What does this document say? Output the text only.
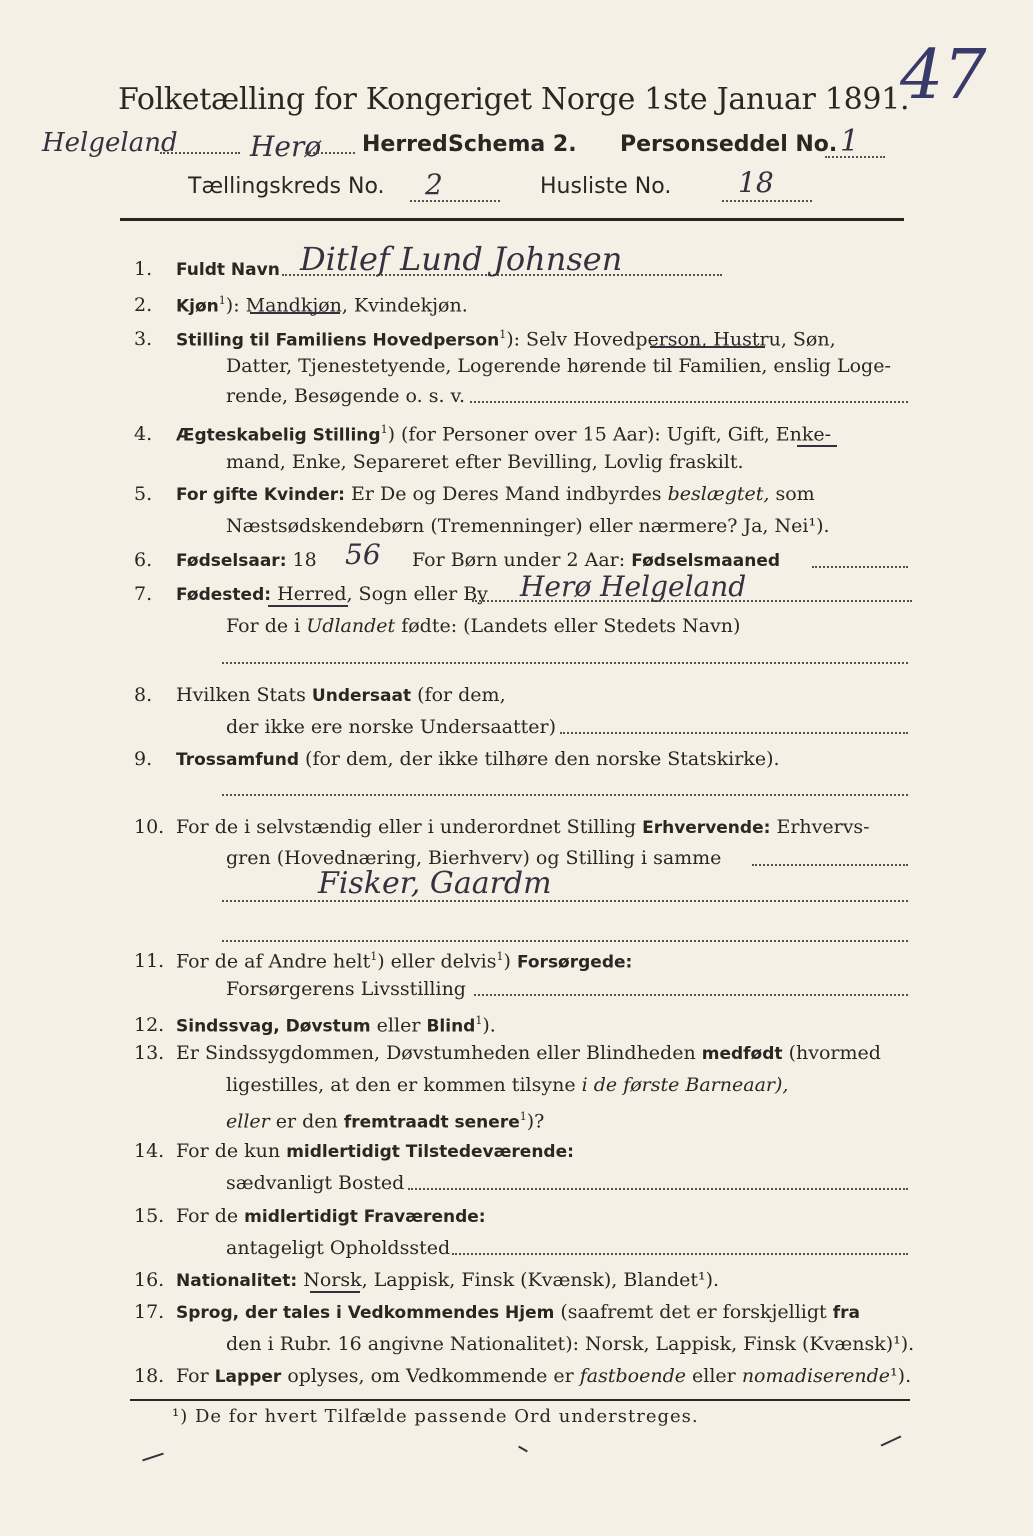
Folketælling for Kongeriget Norge 1ste Januar 1891.
47
Helgeland	Herø Herred.
Schema 2. Personseddel No. 1
Tællingskreds No. 2	Husliste No. 18
1. Fuldt Navn Ditlef Lund Johnsen
2. Kjøn$^1$): Mandkjøn, Kvindekjøn.
3. Stilling til Familiens Hovedperson$^1$): Selv Hovedperson, Hustru, Søn,
Datter, Tjenestetyende, Logerende hørende til Familien, enslig Loge-
rende, Besøgende o. s. v.
4. Ægteskabelig Stilling$^1$) (for Personer over 15 Aar): Ugift, Gift, Enke-
mand, Enke, Separeret efter Bevilling, Lovlig fraskilt.
5. For gifte Kvinder: Er De og Deres Mand indbyrdes beslægtet, som
Næstsødskendebørn (Tremenninger) eller nærmere? Ja, Nei¹).
6. Fødselsaar: 18 56 For Børn under 2 Aar: Fødselsmaaned
7. Fødested: Herred, Sogn eller By Herø Helgeland
For de i Udlandet fødte: (Landets eller Stedets Navn)
8. Hvilken Stats Undersaat (for dem,
der ikke ere norske Undersaatter)
9. Trossamfund (for dem, der ikke tilhøre den norske Statskirke).
10. For de i selvstændig eller i underordnet Stilling Erhvervende: Erhvervs-
gren (Hovednæring, Bierhverv) og Stilling i samme
Fisker, Gaardm
11. For de af Andre helt$^1$) eller delvis$^1$) Forsørgede:
Forsørgerens Livsstilling
12. Sindssvag, Døvstum eller Blind$^1$).
13. Er Sindssygdommen, Døvstumheden eller Blindheden medfødt (hvormed
ligestilles, at den er kommen tilsyne i de første Barneaar),
eller er den fremtraadt senere$^1$)?
14. For de kun midlertidigt Tilstedeværende:
sædvanligt Bosted
15. For de midlertidigt Fraværende:
antageligt Opholdssted
16. Nationalitet: Norsk, Lappisk, Finsk (Kvænsk), Blandet¹).
17. Sprog, der tales i Vedkommendes Hjem (saafremt det er forskjelligt fra
den i Rubr. 16 angivne Nationalitet): Norsk, Lappisk, Finsk (Kvænsk)¹).
18. For Lapper oplyses, om Vedkommende er fastboende eller nomadiserende¹).
¹) De for hvert Tilfælde passende Ord understreges.
